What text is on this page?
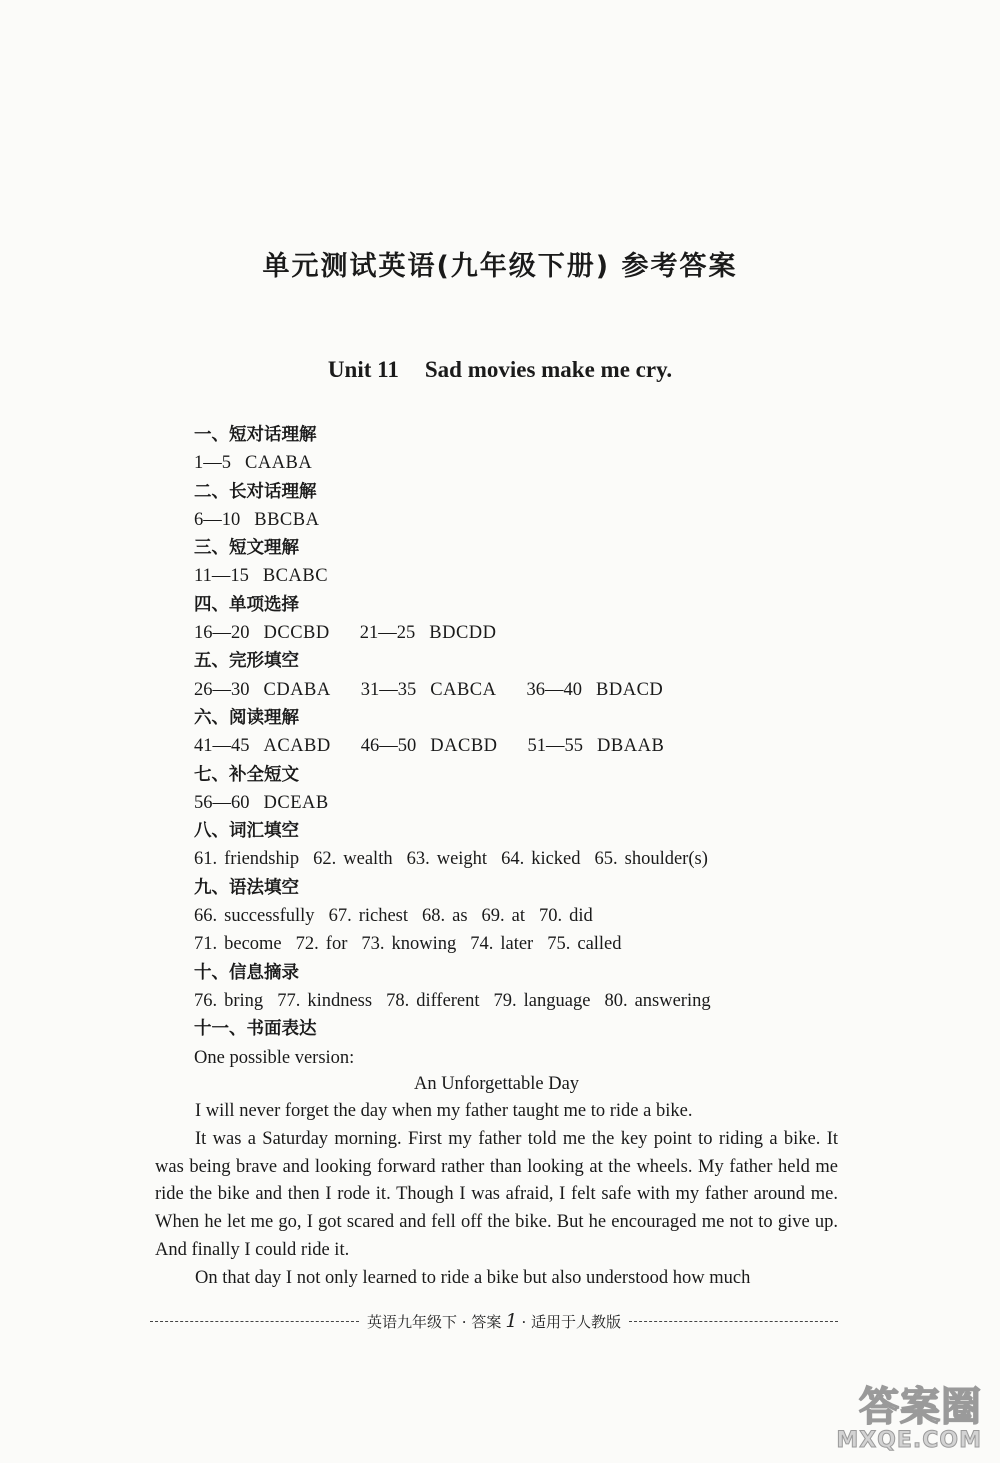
单元测试英语(九年级下册) 参考答案
Unit 11 Sad movies make me cry.
一、短对话理解
1—5 CAABA
二、长对话理解
6—10 BBCBA
三、短文理解
11—15 BCABC
四、单项选择
16—20 DCCBD 21—25 BDCDD
五、完形填空
26—30 CDABA 31—35 CABCA 36—40 BDACD
六、阅读理解
41—45 ACABD 46—50 DACBD 51—55 DBAAB
七、补全短文
56—60 DCEAB
八、词汇填空
61. friendship 62. wealth 63. weight 64. kicked 65. shoulder(s)
九、语法填空
66. successfully 67. richest 68. as 69. at 70. did
71. become 72. for 73. knowing 74. later 75. called
十、信息摘录
76. bring 77. kindness 78. different 79. language 80. answering
十一、书面表达
One possible version:
An Unforgettable Day

I will never forget the day when my father taught me to ride a bike.

It was a Saturday morning. First my father told me the key point to riding a bike. It was being brave and looking forward rather than looking at the wheels. My father held me ride the bike and then I rode it. Though I was afraid, I felt safe with my father around me. When he let me go, I got scared and fell off the bike. But he encouraged me not to give up. And finally I could ride it.

On that day I not only learned to ride a bike but also understood how much

英语九年级下 · 答案 1 · 适用于人教版
答案圈
MXQE.COM
